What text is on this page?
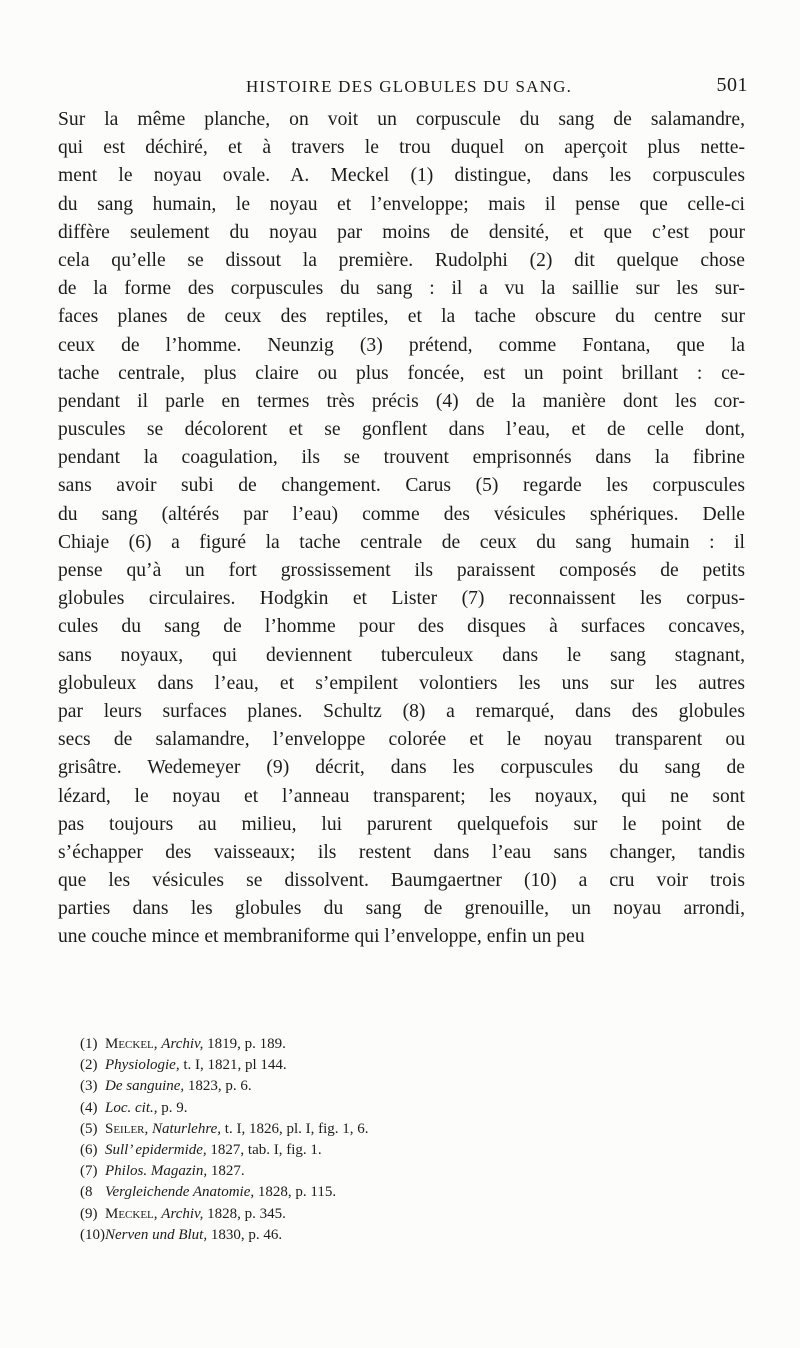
HISTOIRE DES GLOBULES DU SANG.	501
Sur la même planche, on voit un corpuscule du sang de salamandre,
qui est déchiré, et à travers le trou duquel on aperçoit plus nette-
ment le noyau ovale. A. Meckel (1) distingue, dans les corpuscules
du sang humain, le noyau et l’enveloppe; mais il pense que celle-ci
diffère seulement du noyau par moins de densité, et que c’est pour
cela qu’elle se dissout la première. Rudolphi (2) dit quelque chose
de la forme des corpuscules du sang : il a vu la saillie sur les sur-
faces planes de ceux des reptiles, et la tache obscure du centre sur
ceux de l’homme. Neunzig (3) prétend, comme Fontana, que la
tache centrale, plus claire ou plus foncée, est un point brillant : ce-
pendant il parle en termes très précis (4) de la manière dont les cor-
puscules se décolorent et se gonflent dans l’eau, et de celle dont,
pendant la coagulation, ils se trouvent emprisonnés dans la fibrine
sans avoir subi de changement. Carus (5) regarde les corpuscules
du sang (altérés par l’eau) comme des vésicules sphériques. Delle
Chiaje (6) a figuré la tache centrale de ceux du sang humain : il
pense qu’à un fort grossissement ils paraissent composés de petits
globules circulaires. Hodgkin et Lister (7) reconnaissent les corpus-
cules du sang de l’homme pour des disques à surfaces concaves,
sans noyaux, qui deviennent tuberculeux dans le sang stagnant,
globuleux dans l’eau, et s’empilent volontiers les uns sur les autres
par leurs surfaces planes. Schultz (8) a remarqué, dans des globules
secs de salamandre, l’enveloppe colorée et le noyau transparent ou
grisâtre. Wedemeyer (9) décrit, dans les corpuscules du sang de
lézard, le noyau et l’anneau transparent; les noyaux, qui ne sont
pas toujours au milieu, lui parurent quelquefois sur le point de
s’échapper des vaisseaux; ils restent dans l’eau sans changer, tandis
que les vésicules se dissolvent. Baumgaertner (10) a cru voir trois
parties dans les globules du sang de grenouille, un noyau arrondi,
une couche mince et membraniforme qui l’enveloppe, enfin un peu
(1) Meckel, Archiv, 1819, p. 189.
(2) Physiologie, t. I, 1821, pl 144.
(3) De sanguine, 1823, p. 6.
(4) Loc. cit., p. 9.
(5) Seiler, Naturlehre, t. I, 1826, pl. I, fig. 1, 6.
(6) Sull’ epidermide, 1827, tab. I, fig. 1.
(7) Philos. Magazin, 1827.
(8 Vergleichende Anatomie, 1828, p. 115.
(9) Meckel, Archiv, 1828, p. 345.
(10)Nerven und Blut, 1830, p. 46.
